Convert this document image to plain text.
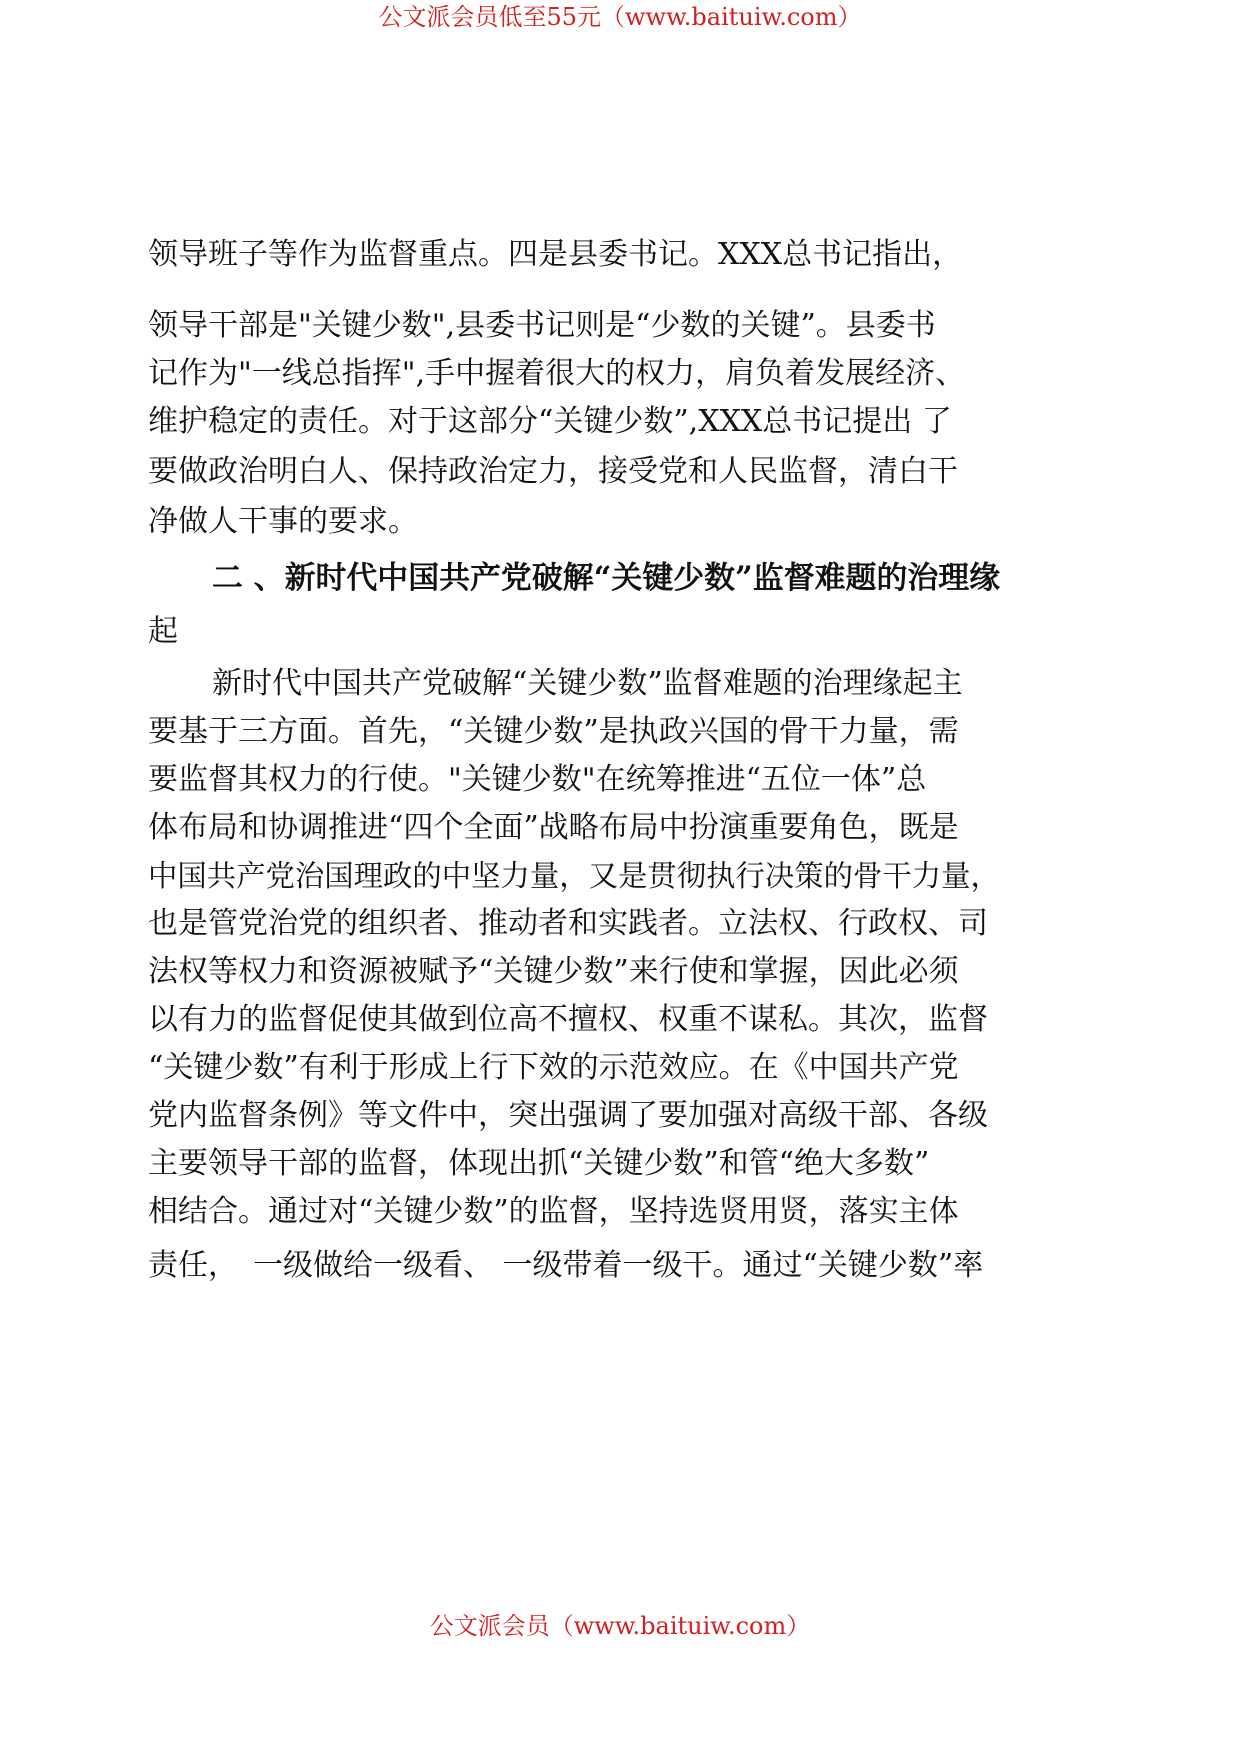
公文派会员低至55元（www.baituiw.com）
领导班子等作为监督重点。四是县委书记。XXX总书记指出，
领导干部是"关键少数",县委书记则是“少数的关键”。县委书
记作为"一线总指挥",手中握着很大的权力，肩负着发展经济、
维护稳定的责任。对于这部分“关键少数”,XXX总书记提出 了
要做政治明白人、保持政治定力，接受党和人民监督，清白干
净做人干事的要求。
二 、新时代中国共产党破解“关键少数”监督难题的治理缘
起
新时代中国共产党破解“关键少数”监督难题的治理缘起主
要基于三方面。首先，“关键少数”是执政兴国的骨干力量，需
要监督其权力的行使。"关键少数"在统筹推进“五位一体”总
体布局和协调推进“四个全面”战略布局中扮演重要角色，既是
中国共产党治国理政的中坚力量，又是贯彻执行决策的骨干力量，
也是管党治党的组织者、推动者和实践者。立法权、行政权、司
法权等权力和资源被赋予“关键少数”来行使和掌握，因此必须
以有力的监督促使其做到位高不擅权、权重不谋私。其次，监督
“关键少数”有利于形成上行下效的示范效应。在《中国共产党
党内监督条例》等文件中，突出强调了要加强对高级干部、各级
主要领导干部的监督，体现出抓“关键少数”和管“绝大多数”
相结合。通过对“关键少数”的监督，坚持选贤用贤，落实主体
责任，　一级做给一级看、 一级带着一级干。通过“关键少数”率
公文派会员（www.baituiw.com）
